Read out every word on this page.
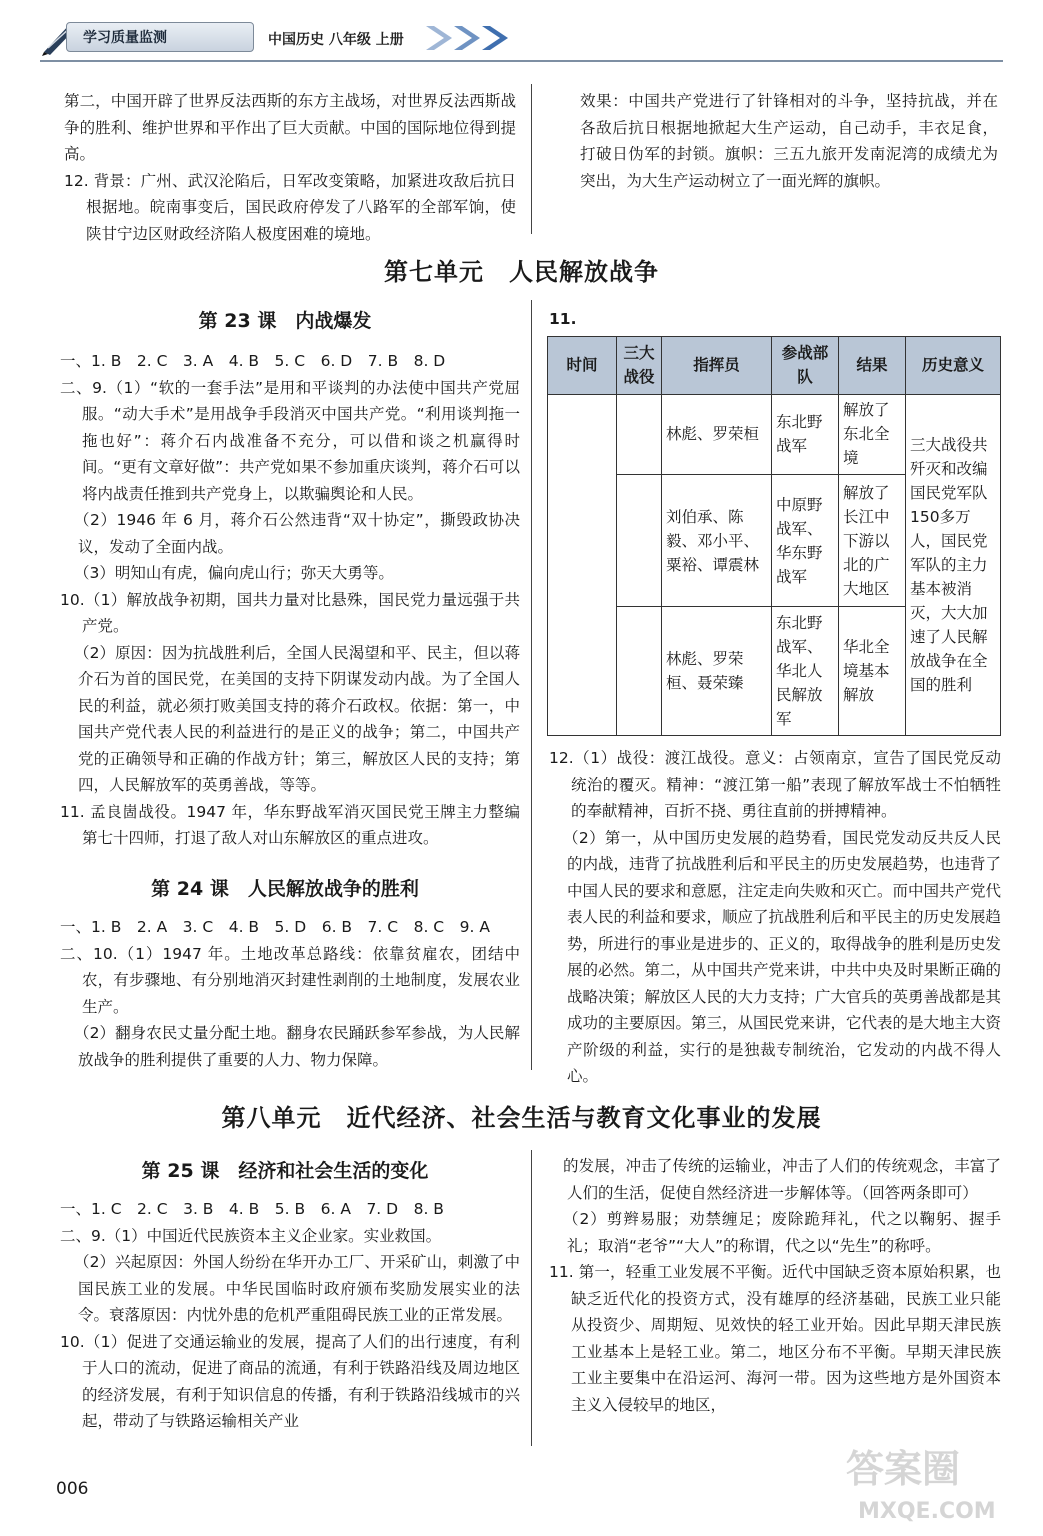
学习质量监测	中国历史 八年级 上册

第二，中国开辟了世界反法西斯的东方主战场，对世界反法西斯战争的胜利、维护世界和平作出了巨大贡献。中国的国际地位得到提高。

12. 背景：广州、武汉沦陷后，日军改变策略，加紧进攻敌后抗日根据地。皖南事变后，国民政府停发了八路军的全部军饷，使陕甘宁边区财政经济陷人极度困难的境地。

效果：中国共产党进行了针锋相对的斗争，坚持抗战，并在各敌后抗日根据地掀起大生产运动，自己动手，丰衣足食，打破日伪军的封锁。旗帜：三五九旅开发南泥湾的成绩尤为突出，为大生产运动树立了一面光辉的旗帜。

第七单元　人民解放战争
第 23 课　内战爆发

一、1. B　2. C　3. A　4. B　5. C　6. D　7. B　8. D

二、9.（1）“软的一套手法”是用和平谈判的办法使中国共产党屈服。“动大手术”是用战争手段消灭中国共产党。“利用谈判拖一拖也好”：蒋介石内战准备不充分，可以借和谈之机赢得时间。“更有文章好做”：共产党如果不参加重庆谈判，蒋介石可以将内战责任推到共产党身上，以欺骗舆论和人民。

（2）1946 年 6 月，蒋介石公然违背“双十协定”，撕毁政协决议，发动了全面内战。

（3）明知山有虎，偏向虎山行；弥天大勇等。

10.（1）解放战争初期，国共力量对比悬殊，国民党力量远强于共产党。

（2）原因：因为抗战胜利后，全国人民渴望和平、民主，但以蒋介石为首的国民党，在美国的支持下阴谋发动内战。为了全国人民的利益，就必须打败美国支持的蒋介石政权。依据：第一，中国共产党代表人民的利益进行的是正义的战争；第二，中国共产党的正确领导和正确的作战方针；第三，解放区人民的支持；第四，人民解放军的英勇善战，等等。

11. 孟良崮战役。1947 年，华东野战军消灭国民党王牌主力整编第七十四师，打退了敌人对山东解放区的重点进攻。

第 24 课　人民解放战争的胜利

一、1. B　2. A　3. C　4. B　5. D　6. B　7. C　8. C　9. A

二、10.（1）1947 年。土地改革总路线：依靠贫雇农，团结中农，有步骤地、有分别地消灭封建性剥削的土地制度，发展农业生产。

（2）翻身农民丈量分配土地。翻身农民踊跃参军参战，为人民解放战争的胜利提供了重要的人力、物力保障。

11.

时间	三大战役	指挥员	参战部队	结果	历史意义
		林彪、罗荣桓	东北野战军	解放了东北全境	三大战役共歼灭和改编国民党军队150多万人，国民党军队的主力基本被消灭，大大加速了人民解放战争在全国的胜利
		刘伯承、陈毅、邓小平、粟裕、谭震林	中原野战军、华东野战军	解放了长江中下游以北的广大地区	
		林彪、罗荣桓、聂荣臻	东北野战军、华北人民解放军	华北全境基本解放	

12.（1）战役：渡江战役。意义：占领南京，宣告了国民党反动统治的覆灭。精神：“渡江第一船”表现了解放军战士不怕牺牲的奉献精神，百折不挠、勇往直前的拼搏精神。

（2）第一，从中国历史发展的趋势看，国民党发动反共反人民的内战，违背了抗战胜利后和平民主的历史发展趋势，也违背了中国人民的要求和意愿，注定走向失败和灭亡。而中国共产党代表人民的利益和要求，顺应了抗战胜利后和平民主的历史发展趋势，所进行的事业是进步的、正义的，取得战争的胜利是历史发展的必然。第二，从中国共产党来讲，中共中央及时果断正确的战略决策；解放区人民的大力支持；广大官兵的英勇善战都是其成功的主要原因。第三，从国民党来讲，它代表的是大地主大资产阶级的利益，实行的是独裁专制统治，它发动的内战不得人心。

第八单元　近代经济、社会生活与教育文化事业的发展
第 25 课　经济和社会生活的变化

一、1. C　2. C　3. B　4. B　5. B　6. A　7. D　8. B

二、9.（1）中国近代民族资本主义企业家。实业救国。

（2）兴起原因：外国人纷纷在华开办工厂、开采矿山，刺激了中国民族工业的发展。中华民国临时政府颁布奖励发展实业的法令。衰落原因：内忧外患的危机严重阻碍民族工业的正常发展。

10.（1）促进了交通运输业的发展，提高了人们的出行速度，有利于人口的流动，促进了商品的流通，有利于铁路沿线及周边地区的经济发展，有利于知识信息的传播，有利于铁路沿线城市的兴起，带动了与铁路运输相关产业

的发展，冲击了传统的运输业，冲击了人们的传统观念，丰富了人们的生活，促使自然经济进一步解体等。（回答两条即可）

（2）剪辫易服；劝禁缠足；废除跪拜礼，代之以鞠躬、握手礼；取消“老爷”“大人”的称谓，代之以“先生”的称呼。

11. 第一，轻重工业发展不平衡。近代中国缺乏资本原始积累，也缺乏近代化的投资方式，没有雄厚的经济基础，民族工业只能从投资少、周期短、见效快的轻工业开始。因此早期天津民族工业基本上是轻工业。第二，地区分布不平衡。早期天津民族工业主要集中在沿运河、海河一带。因为这些地方是外国资本主义入侵较早的地区，

006	答案圈
MXQE.COM
